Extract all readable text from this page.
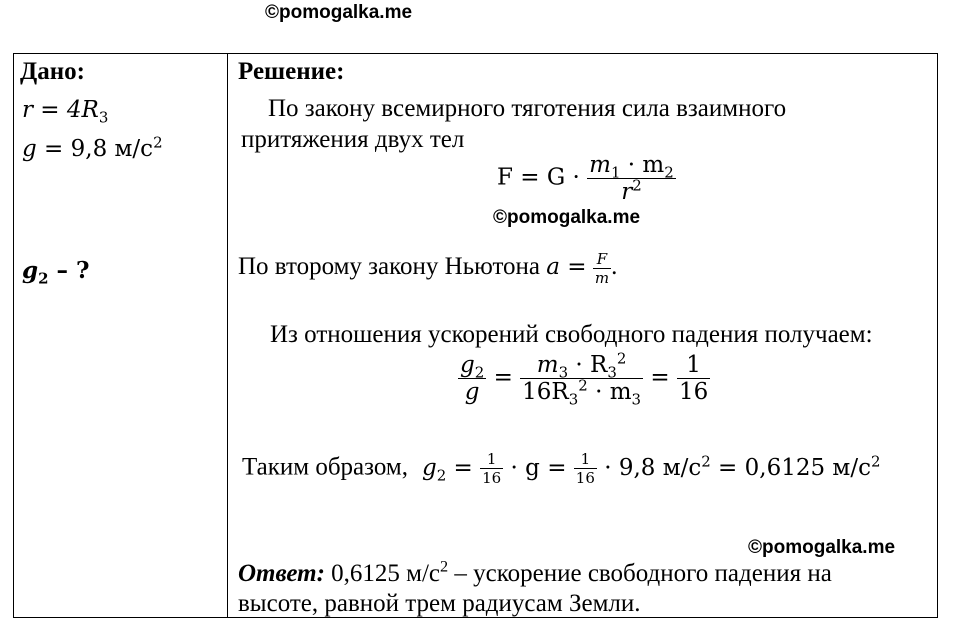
©pomogalka.me
Дано:
$r = 4R_3$
g = 9,8 $м/с^2$
$g_2$ – ?
Решение:
По закону всемирного тяготения сила взаимного
притяжения двух тел
$F = G \cdot \frac{m_1 \cdot m_2}{r^2}$
©pomogalka.me
По второму закону Ньютона $a = \frac{F}{m}$ .
Из отношения ускорений свободного падения получаем:
$\frac{g_2}{g} = \frac{m_3 \cdot R_3^2}{16R_3^2 \cdot m_3} = \frac{1}{16}$
Таким образом, $g_2 = \frac{1}{16} \cdot g = \frac{1}{16} \cdot 9,8$ $м/с^2 = 0,6125$ $м/с^2$
©pomogalka.me
Ответ: 0,6125 $м/с^2$ – ускорение свободного падения на
высоте, равной трем радиусам Земли.
